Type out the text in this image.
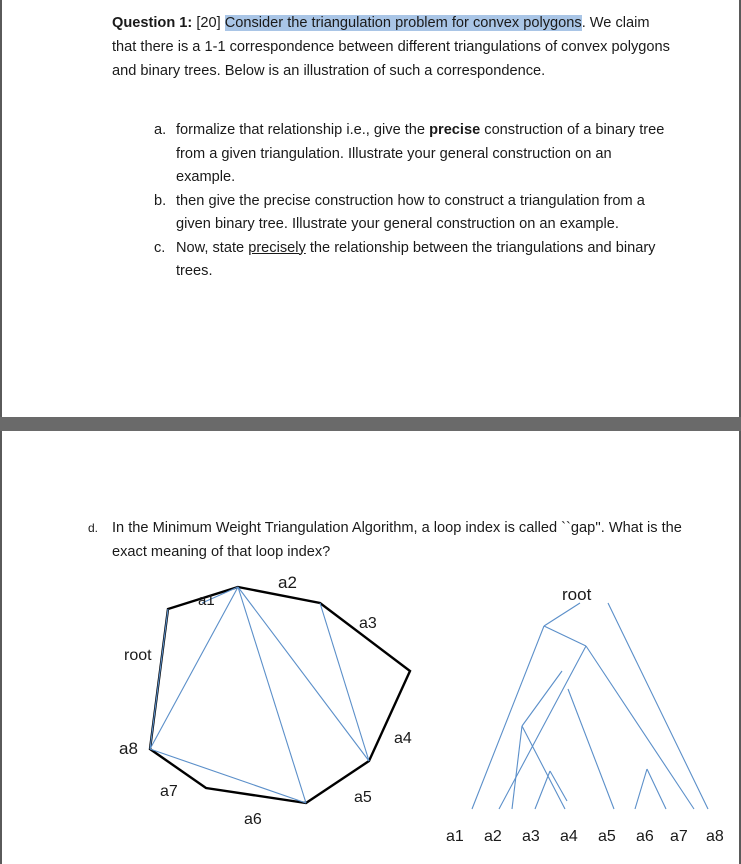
Question 1: [20] Consider the triangulation problem for convex polygons. We claim that there is a 1-1 correspondence between different triangulations of convex polygons and binary trees. Below is an illustration of such a correspondence.
a. formalize that relationship i.e., give the precise construction of a binary tree from a given triangulation. Illustrate your general construction on an example.
b. then give the precise construction how to construct a triangulation from a given binary tree. Illustrate your general construction on an example.
c. Now, state precisely the relationship between the triangulations and binary trees.
d. In the Minimum Weight Triangulation Algorithm, a loop index is called ``gap''. What is the exact meaning of that loop index?
a1
a2
a3
a4
a5
a6
a7
a8
root
root
a1 a2 a3 a4 a5 a6 a7 a8
